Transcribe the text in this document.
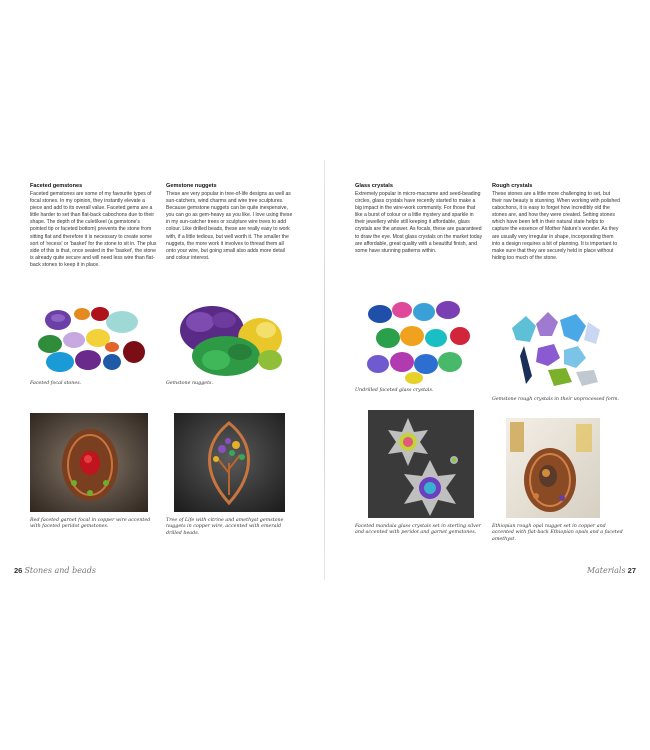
Faceted gemstones

Faceted gemstones are some of my favourite types of focal stones. In my opinion, they instantly elevate a piece and add to its overall value. Faceted gems are a little harder to set than flat-back cabochons due to their shape. The depth of the culet/keel (a gemstone's pointed tip or faceted bottom) prevents the stone from sitting flat and therefore it is necessary to create some sort of 'recess' or 'basket' for the stone to sit in. The plus side of this is that, once seated in the 'basket', the stone is already quite secure and will need less wire than flat-back stones to keep it in place.

Gemstone nuggets

These are very popular in tree-of-life designs as well as sun-catchers, wind charms and wire tree sculptures. Because gemstone nuggets can be quite inexpensive, you can go as gem-heavy as you like. I love using these in my sun-catcher trees or sculpture wire trees to add colour. Like drilled beads, these are really easy to work with, if a little tedious, but well worth it. The smaller the nuggets, the more work it involves to thread them all onto your wire, but going small also adds more detail and colour interest.

Glass crystals

Extremely popular in micro-macrame and seed-beading circles, glass crystals have recently started to make a big impact in the wire-work community. For those that like a burst of colour or a little mystery and sparkle in their jewellery while still keeping it affordable, glass crystals are the answer. As focals, these are guaranteed to draw the eye. Most glass crystals on the market today are affordable, great quality with a beautiful finish, and some have stunning patterns within.

Rough crystals

These stones are a little more challenging to set, but their raw beauty is stunning. When working with polished cabochons, it is easy to forget how incredibly old the stones are, and how they were created. Setting stones which have been left in their natural state helps to capture the essence of Mother Nature's wonder. As they are usually very irregular in shape, incorporating them into a design requires a bit of planning. It is important to make sure that they are securely held in place without hiding too much of the stone.

Faceted focal stones.	Gemstone nuggets.
Red faceted garnet focal in copper wire accented with faceted peridot gemstones.
Tree of Life with citrine and amethyst gemstone nuggets in copper wire, accented with emerald drilled beads.
Undrilled faceted glass crystals.
Gemstone rough crystals in their unprocessed form.
Faceted mandala glass crystals set in sterling silver and accented with peridot and garnet gemstones.
Ethiopian rough opal nugget set in copper and accented with flat-back Ethiopian opals and a faceted amethyst.
26 Stones and beads	Materials 27
